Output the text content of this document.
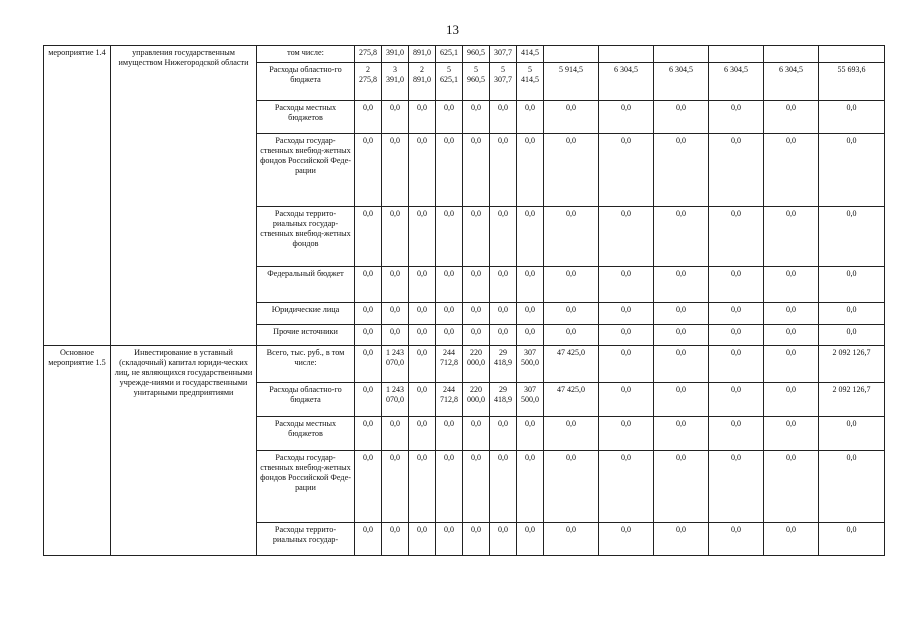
13
мероприятие 1.4	управления государственным имуществом Нижегородской области	том числе:	275,8	391,0	891,0	625,1	960,5	307,7	414,5						
		Расходы областно-го бюджета	2 275,8	3 391,0	2 891,0	5 625,1	5 960,5	5 307,7	5 414,5	5 914,5	6 304,5	6 304,5	6 304,5	6 304,5	55 693,6
		Расходы местных бюджетов	0,0	0,0	0,0	0,0	0,0	0,0	0,0	0,0	0,0	0,0	0,0	0,0	0,0
		Расходы государ-ственных внебюд-жетных фондов Российской Феде-рации	0,0	0,0	0,0	0,0	0,0	0,0	0,0	0,0	0,0	0,0	0,0	0,0	0,0
		Расходы террито-риальных государ-ственных внебюд-жетных фондов	0,0	0,0	0,0	0,0	0,0	0,0	0,0	0,0	0,0	0,0	0,0	0,0	0,0
		Федеральный бюджет	0,0	0,0	0,0	0,0	0,0	0,0	0,0	0,0	0,0	0,0	0,0	0,0	0,0
		Юридические лица	0,0	0,0	0,0	0,0	0,0	0,0	0,0	0,0	0,0	0,0	0,0	0,0	0,0
		Прочие источники	0,0	0,0	0,0	0,0	0,0	0,0	0,0	0,0	0,0	0,0	0,0	0,0	0,0
Основное мероприятие 1.5	Инвестирование в уставный (складочный) капитал юриди-ческих лиц, не являющихся государственными учрежде-ниями и государственными унитарными предприятиями	Всего, тыс. руб., в том числе:	0,0	1 243 070,0	0,0	244 712,8	220 000,0	29 418,9	307 500,0	47 425,0	0,0	0,0	0,0	0,0	2 092 126,7
		Расходы областно-го бюджета	0,0	1 243 070,0	0,0	244 712,8	220 000,0	29 418,9	307 500,0	47 425,0	0,0	0,0	0,0	0,0	2 092 126,7
		Расходы местных бюджетов	0,0	0,0	0,0	0,0	0,0	0,0	0,0	0,0	0,0	0,0	0,0	0,0	0,0
		Расходы государ-ственных внебюд-жетных фондов Российской Феде-рации	0,0	0,0	0,0	0,0	0,0	0,0	0,0	0,0	0,0	0,0	0,0	0,0	0,0
		Расходы террито-риальных государ-	0,0	0,0	0,0	0,0	0,0	0,0	0,0	0,0	0,0	0,0	0,0	0,0	0,0
